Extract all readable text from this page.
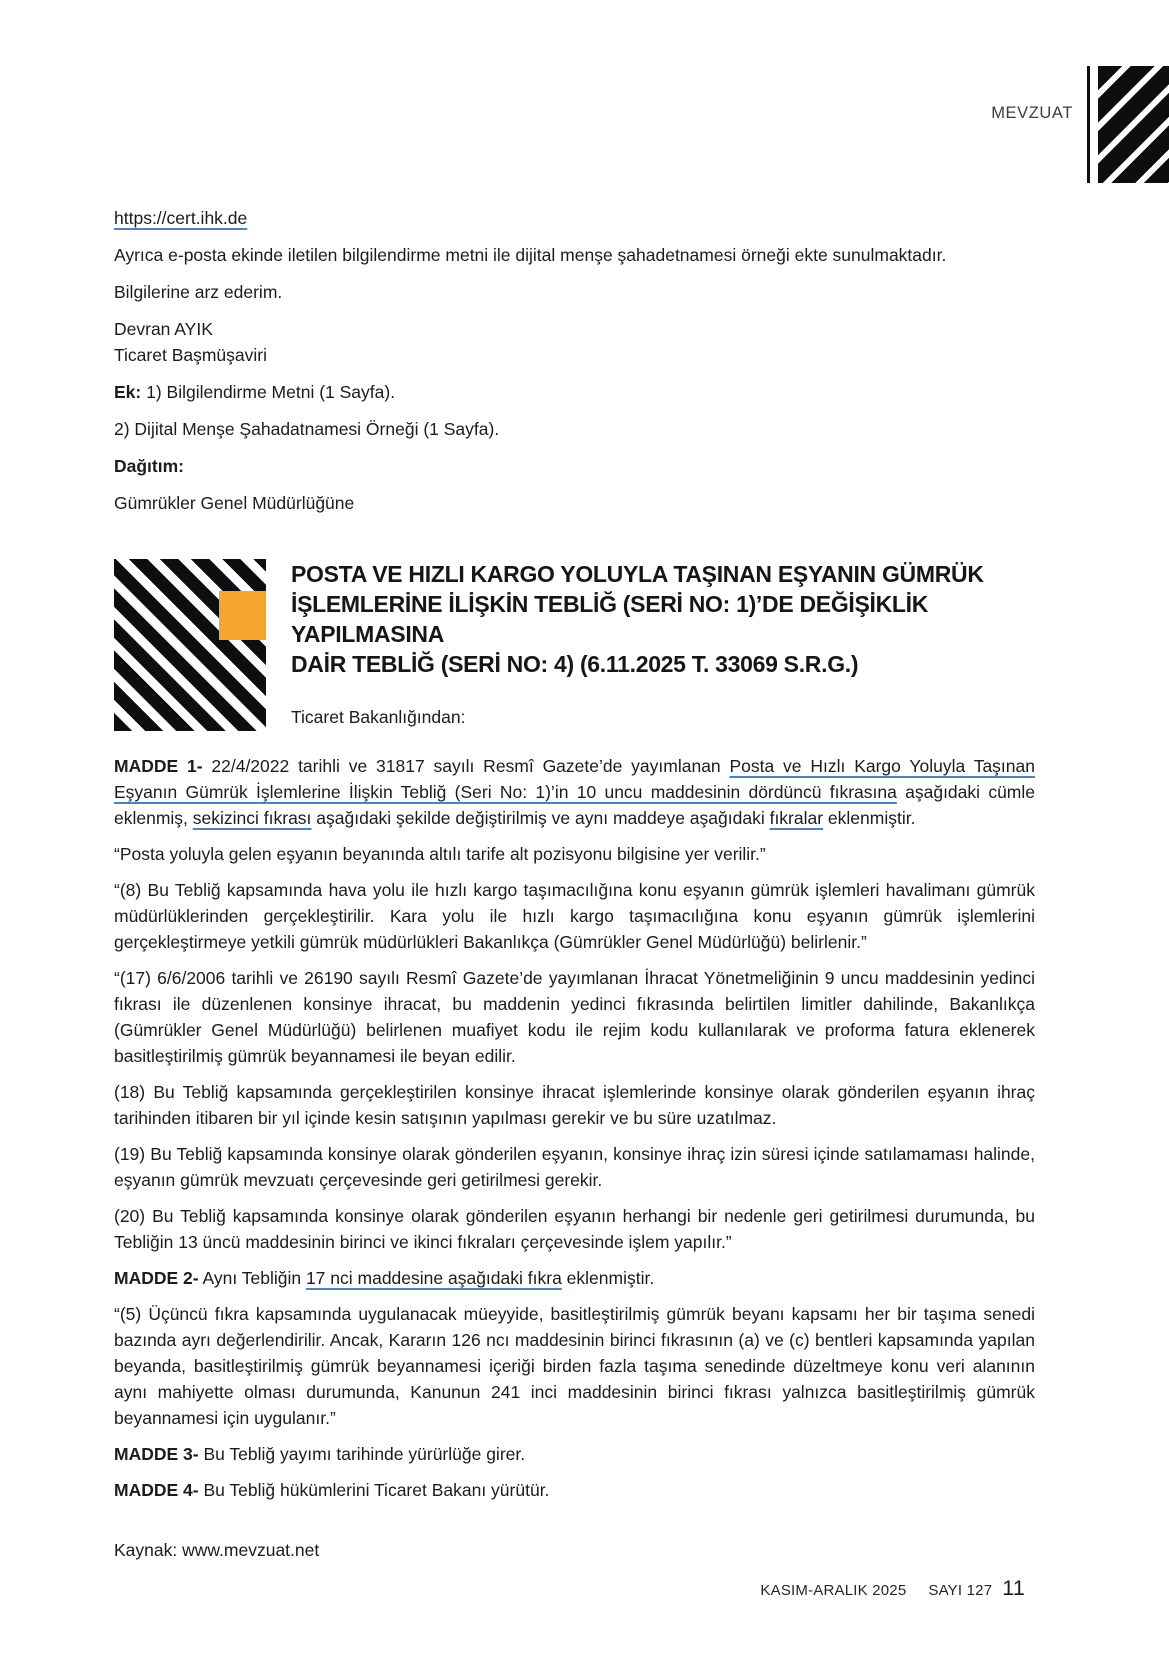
MEVZUAT

https://cert.ihk.de

Ayrıca e-posta ekinde iletilen bilgilendirme metni ile dijital menşe şahadetnamesi örneği ekte sunulmaktadır.

Bilgilerine arz ederim.

Devran AYIK
Ticaret Başmüşaviri

Ek: 1) Bilgilendirme Metni (1 Sayfa).

2) Dijital Menşe Şahadatnamesi Örneği (1 Sayfa).

Dağıtım:

Gümrükler Genel Müdürlüğüne

POSTA VE HIZLI KARGO YOLUYLA TAŞINAN EŞYANIN GÜMRÜK
İŞLEMLERİNE İLİŞKİN TEBLİĞ (SERİ NO: 1)’DE DEĞİŞİKLİK YAPILMASINA
DAİR TEBLİĞ (SERİ NO: 4) (6.11.2025 T. 33069 S.R.G.)
Ticaret Bakanlığından:

MADDE 1- 22/4/2022 tarihli ve 31817 sayılı Resmî Gazete’de yayımlanan Posta ve Hızlı Kargo Yoluyla Taşınan Eşyanın Gümrük İşlemlerine İlişkin Tebliğ (Seri No: 1)’in 10 uncu maddesinin dördüncü fıkrasına aşağıdaki cümle eklenmiş, sekizinci fıkrası aşağıdaki şekilde değiştirilmiş ve aynı maddeye aşağıdaki fıkralar eklenmiştir.

“Posta yoluyla gelen eşyanın beyanında altılı tarife alt pozisyonu bilgisine yer verilir.”

“(8) Bu Tebliğ kapsamında hava yolu ile hızlı kargo taşımacılığına konu eşyanın gümrük işlemleri havalimanı gümrük müdürlüklerinden gerçekleştirilir. Kara yolu ile hızlı kargo taşımacılığına konu eşyanın gümrük işlemlerini gerçekleştirmeye yetkili gümrük müdürlükleri Bakanlıkça (Gümrükler Genel Müdürlüğü) belirlenir.”

“(17) 6/6/2006 tarihli ve 26190 sayılı Resmî Gazete’de yayımlanan İhracat Yönetmeliğinin 9 uncu maddesinin yedinci fıkrası ile düzenlenen konsinye ihracat, bu maddenin yedinci fıkrasında belirtilen limitler dahilinde, Bakanlıkça (Gümrükler Genel Müdürlüğü) belirlenen muafiyet kodu ile rejim kodu kullanılarak ve proforma fatura eklenerek basitleştirilmiş gümrük beyannamesi ile beyan edilir.

(18) Bu Tebliğ kapsamında gerçekleştirilen konsinye ihracat işlemlerinde konsinye olarak gönderilen eşyanın ihraç tarihinden itibaren bir yıl içinde kesin satışının yapılması gerekir ve bu süre uzatılmaz.

(19) Bu Tebliğ kapsamında konsinye olarak gönderilen eşyanın, konsinye ihraç izin süresi içinde satılamaması halinde, eşyanın gümrük mevzuatı çerçevesinde geri getirilmesi gerekir.

(20) Bu Tebliğ kapsamında konsinye olarak gönderilen eşyanın herhangi bir nedenle geri getirilmesi durumunda, bu Tebliğin 13 üncü maddesinin birinci ve ikinci fıkraları çerçevesinde işlem yapılır.”

MADDE 2- Aynı Tebliğin 17 nci maddesine aşağıdaki fıkra eklenmiştir.

“(5) Üçüncü fıkra kapsamında uygulanacak müeyyide, basitleştirilmiş gümrük beyanı kapsamı her bir taşıma senedi bazında ayrı değerlendirilir. Ancak, Kararın 126 ncı maddesinin birinci fıkrasının (a) ve (c) bentleri kapsamında yapılan beyanda, basitleştirilmiş gümrük beyannamesi içeriği birden fazla taşıma senedinde düzeltmeye konu veri alanının aynı mahiyette olması durumunda, Kanunun 241 inci maddesinin birinci fıkrası yalnızca basitleştirilmiş gümrük beyannamesi için uygulanır.”

MADDE 3- Bu Tebliğ yayımı tarihinde yürürlüğe girer.

MADDE 4- Bu Tebliğ hükümlerini Ticaret Bakanı yürütür.

Kaynak: www.mevzuat.net

KASIM-ARALIK 2025 SAYI 127 11
